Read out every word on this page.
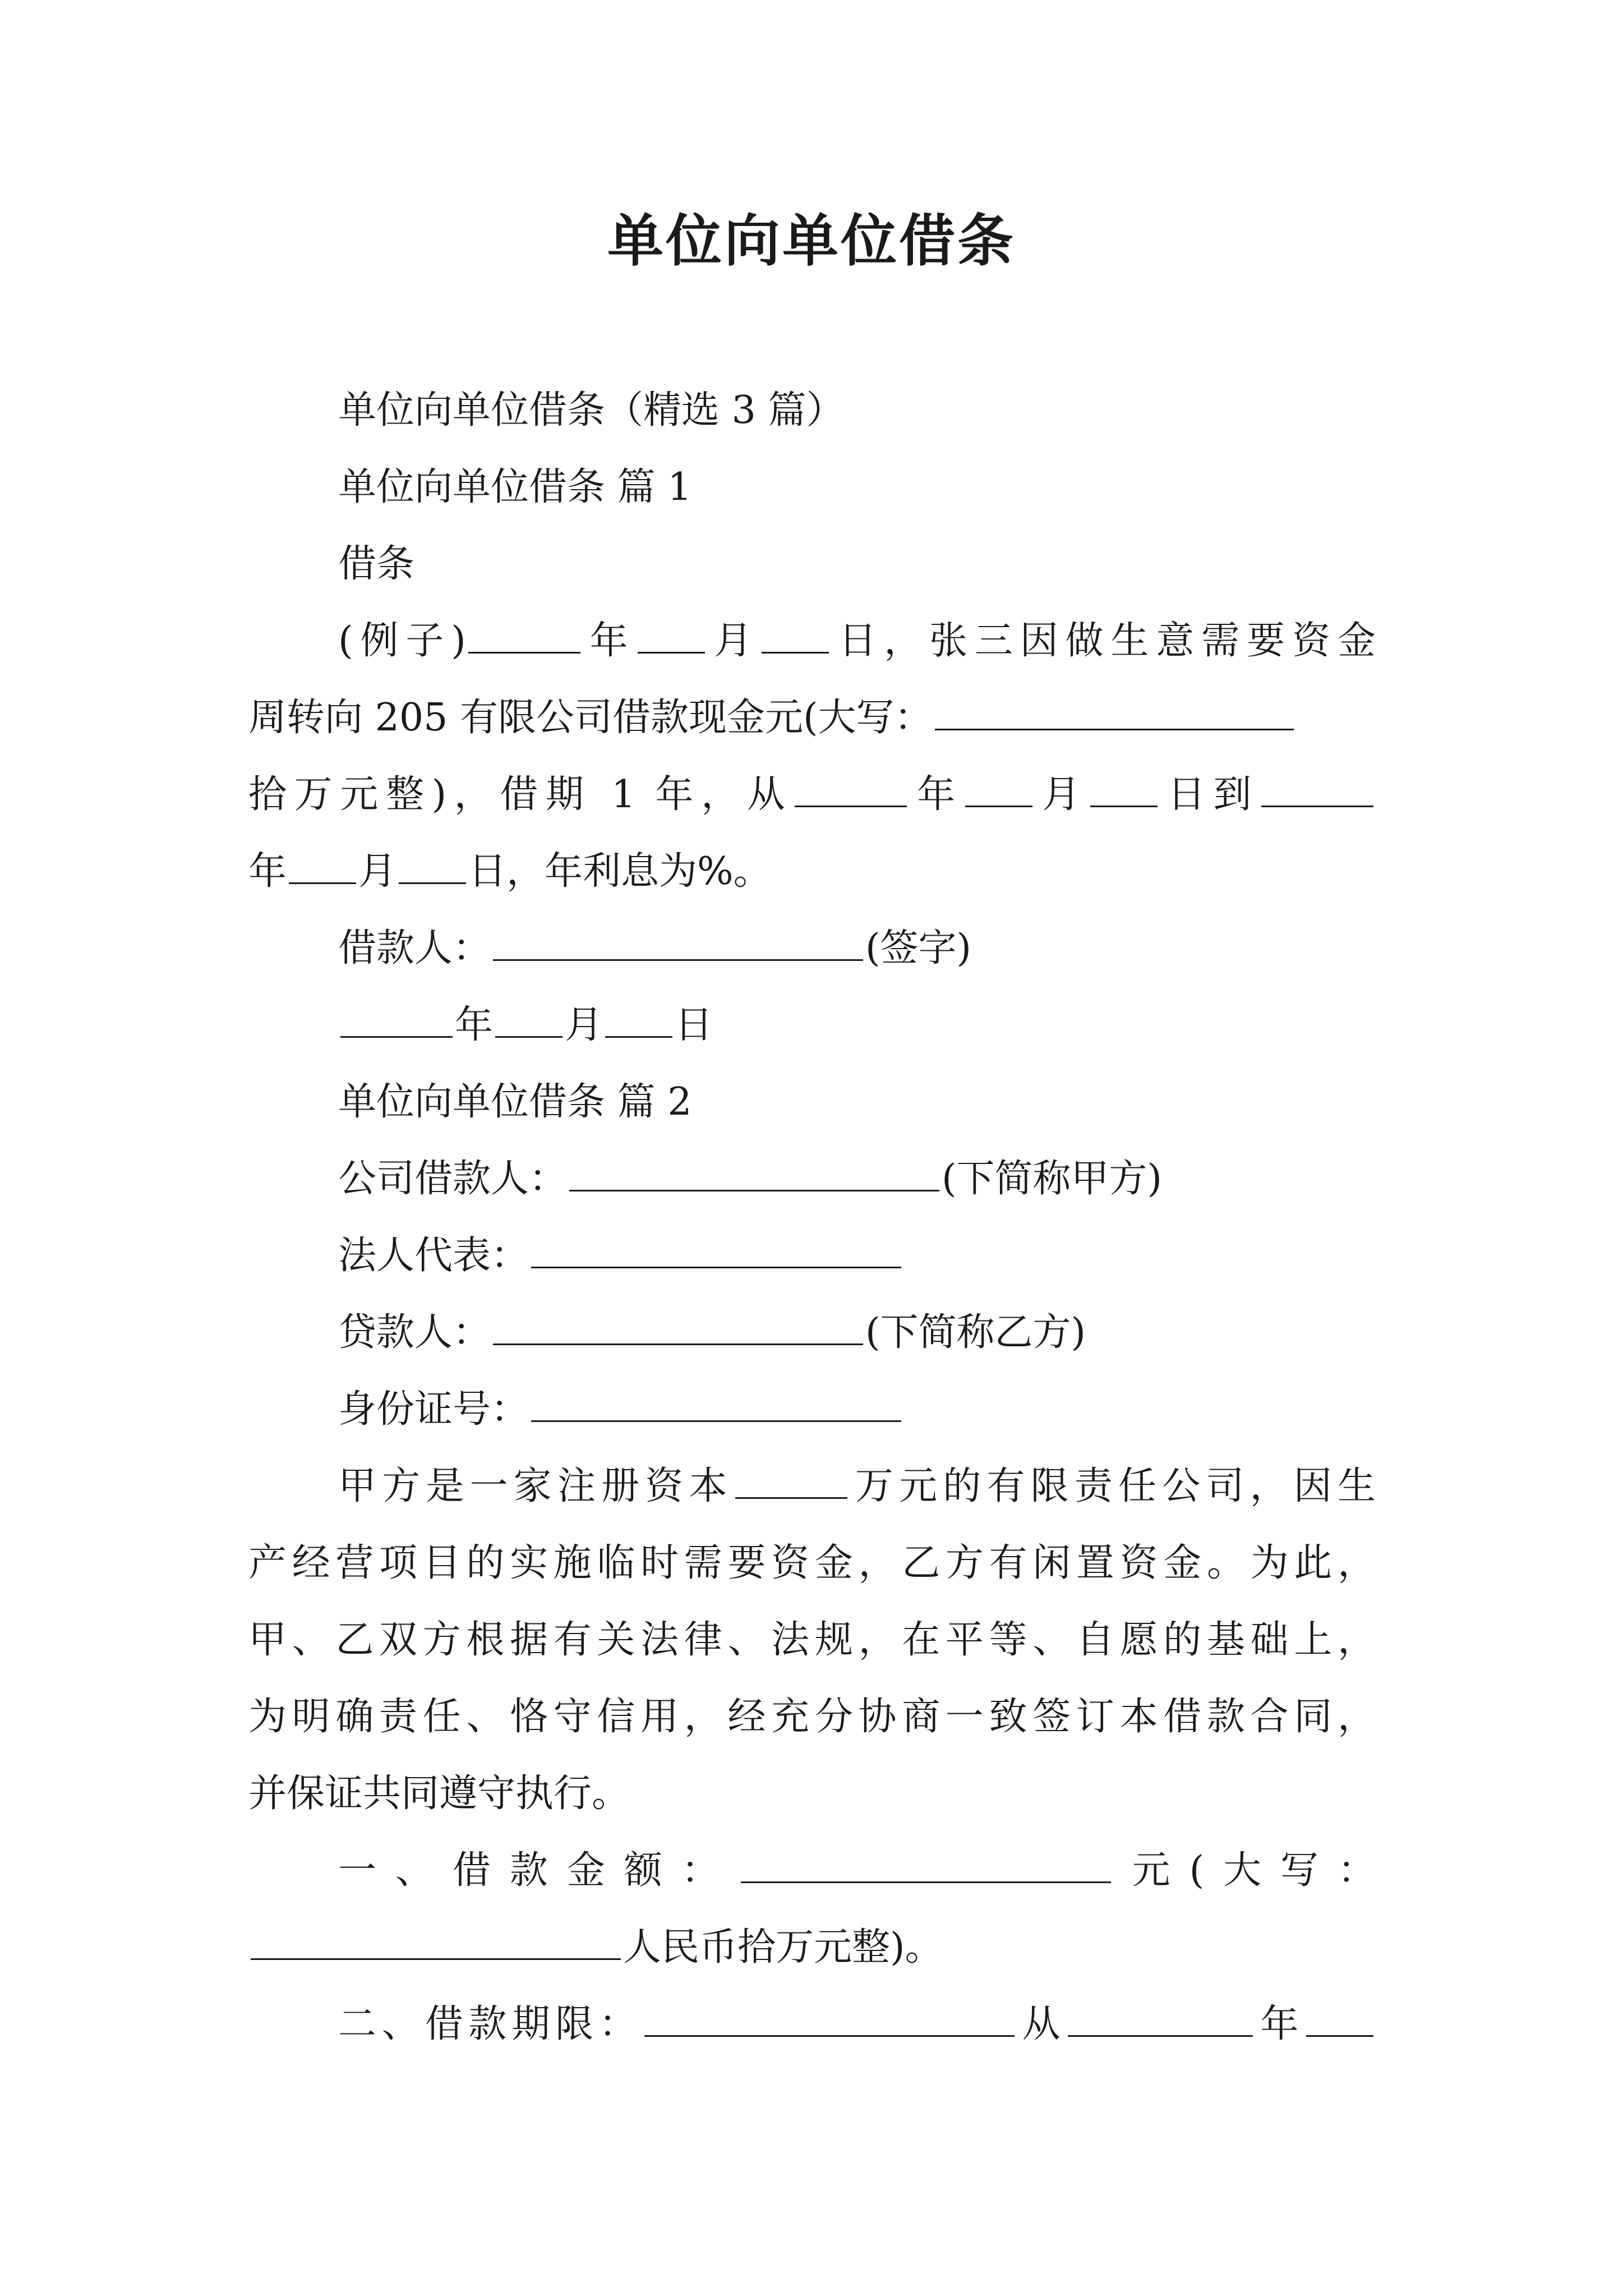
单位向单位借条

单位向单位借条（精选 3 篇）

单位向单位借条 篇 1

借条

(例子)	年 月 日，张三因做生意需要资金

周转向 205 有限公司借款现金元(大写：

拾万元整)，借期 1 年，从	年 月 日到

年 月 日，年利息为%。

借款人：	(签字)

年 月 日

单位向单位借条 篇 2

公司借款人：	(下简称甲方)

法人代表：

贷款人：	(下简称乙方)

身份证号：

甲方是一家注册资本	万元的有限责任公司，因生

产经营项目的实施临时需要资金，乙方有闲置资金。为此，

甲、乙双方根据有关法律、法规，在平等、自愿的基础上，

为明确责任、恪守信用，经充分协商一致签订本借款合同，

并保证共同遵守执行。

一、借款金额：	元(大写：

人民币拾万元整)。

二、借款期限：	从	年
